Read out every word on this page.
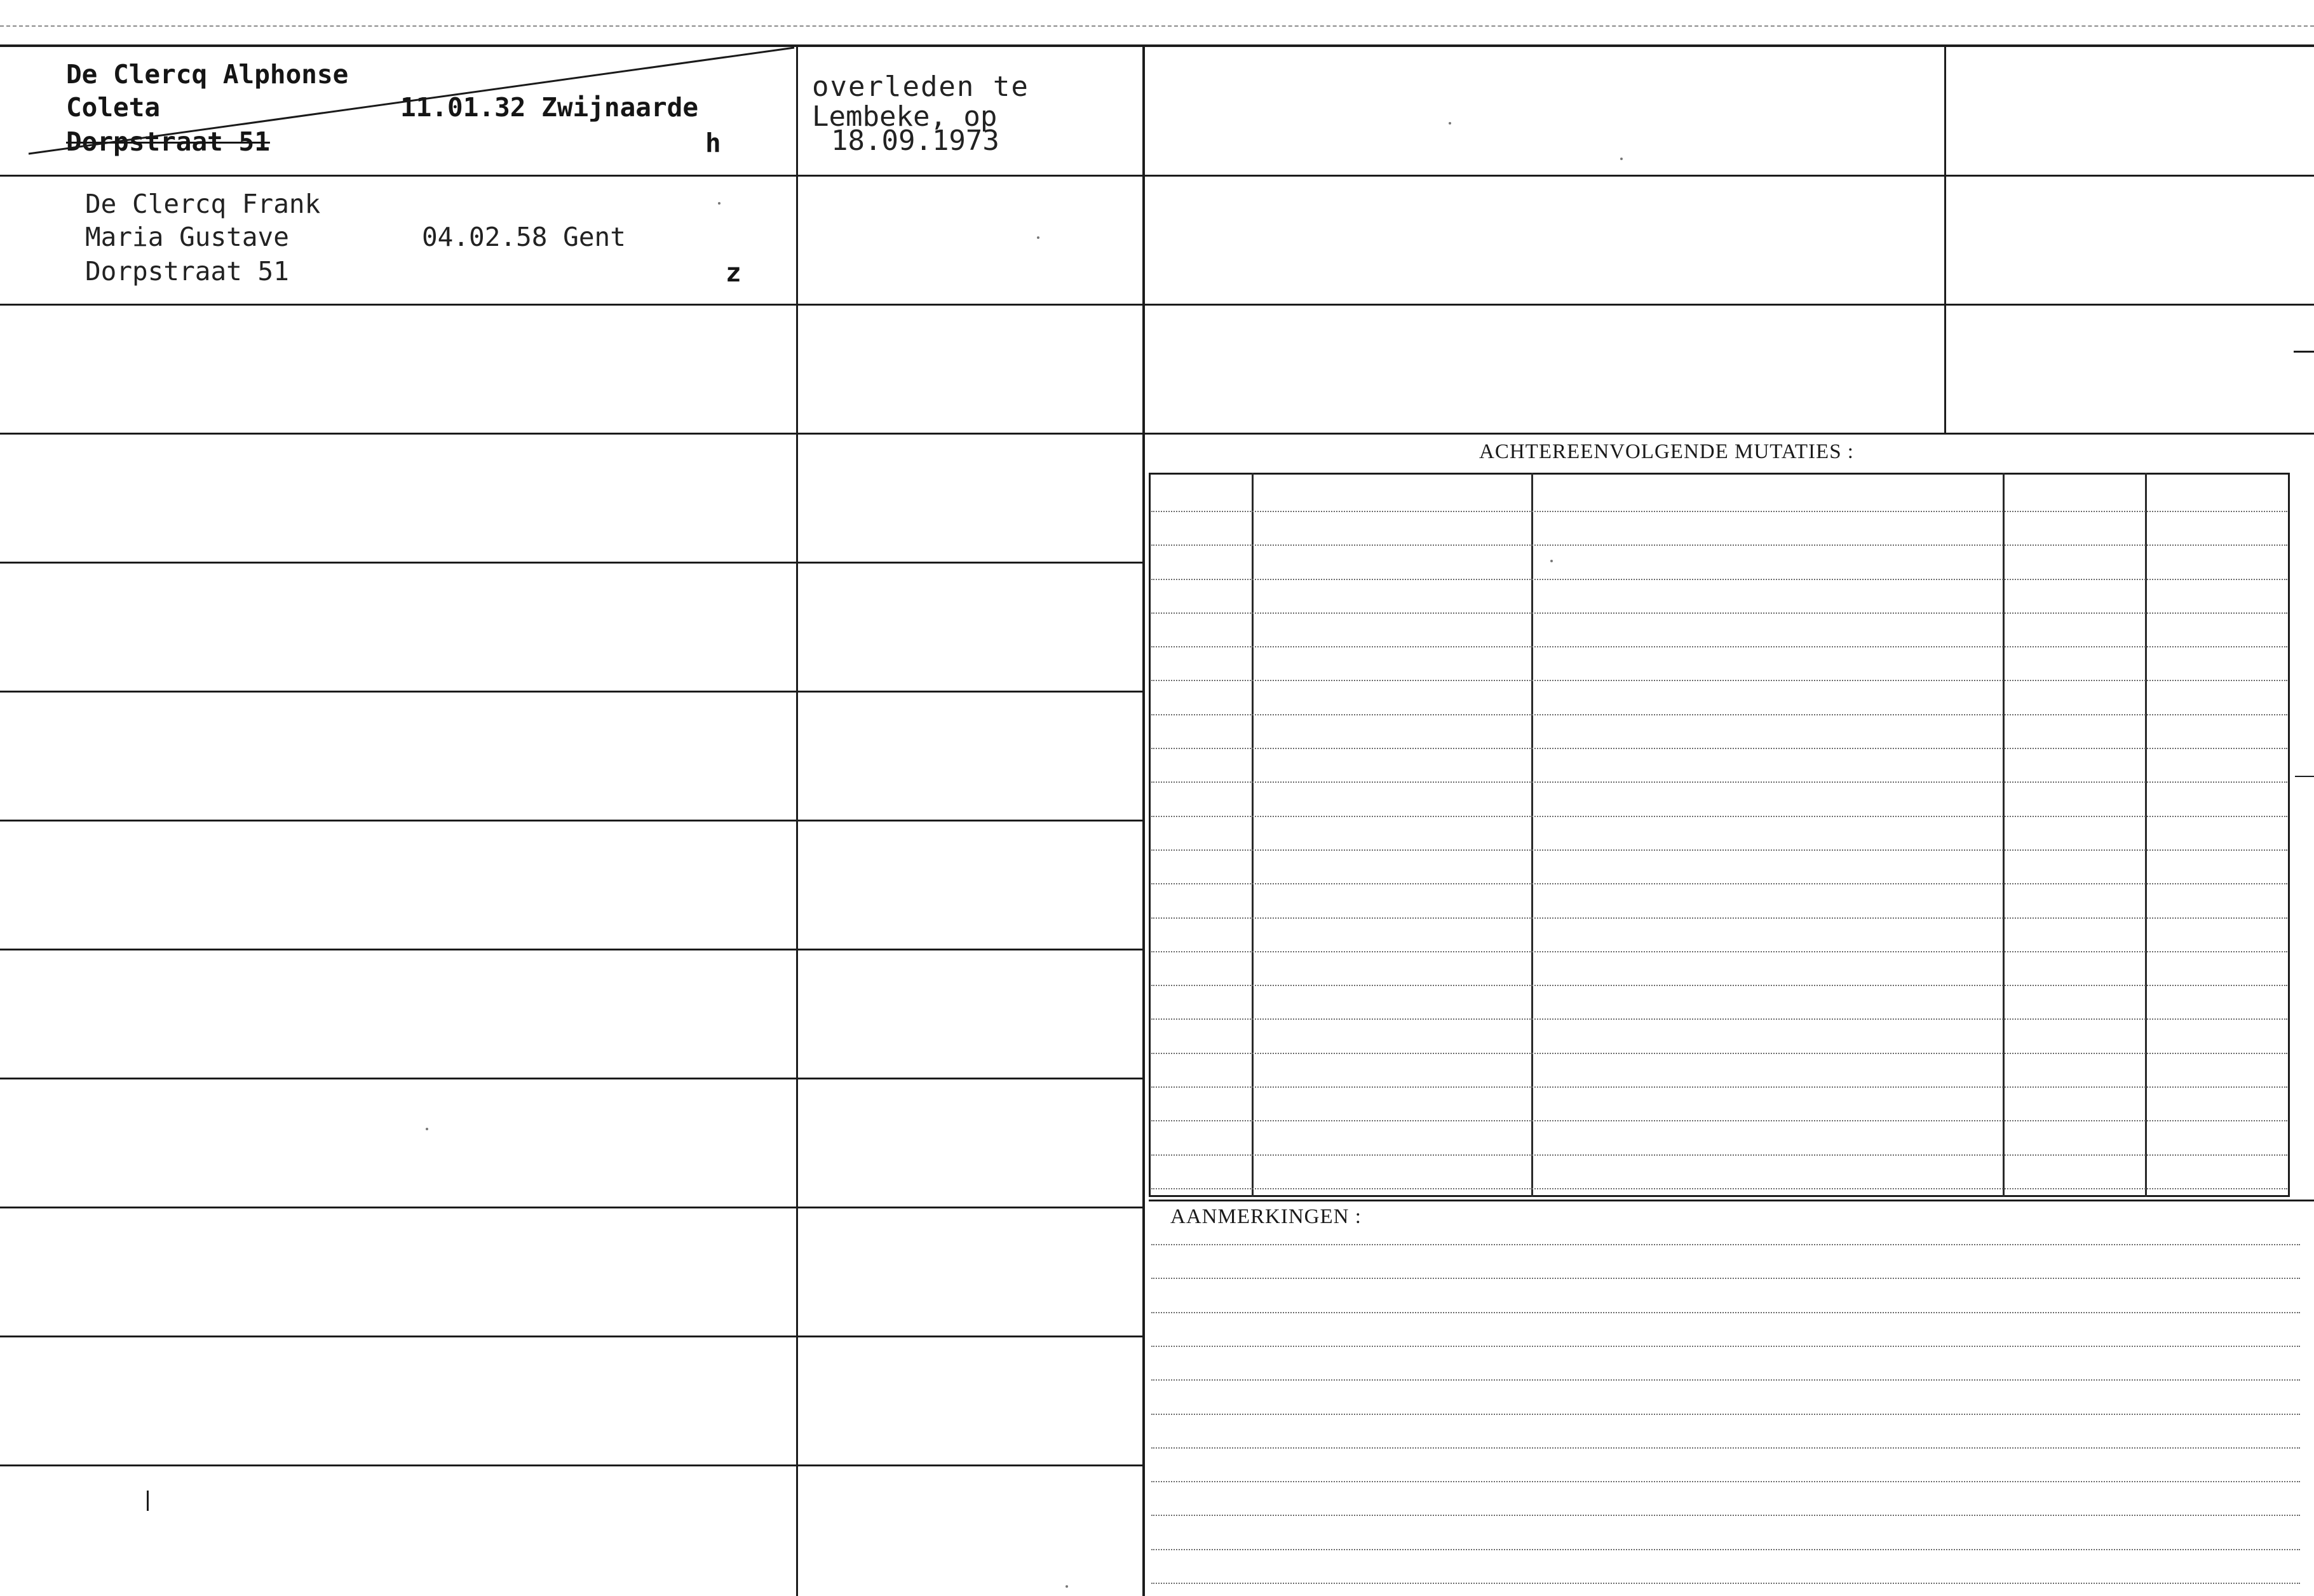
De Clercq Alphonse
Coleta
Dorpstraat 51
11.01.32 Zwijnaarde
h
overleden te
Lembeke, op
18.09.1973
De Clercq Frank
Maria Gustave
Dorpstraat 51
04.02.58 Gent
z
ACHTEREENVOLGENDE MUTATIES :
AANMERKINGEN :
